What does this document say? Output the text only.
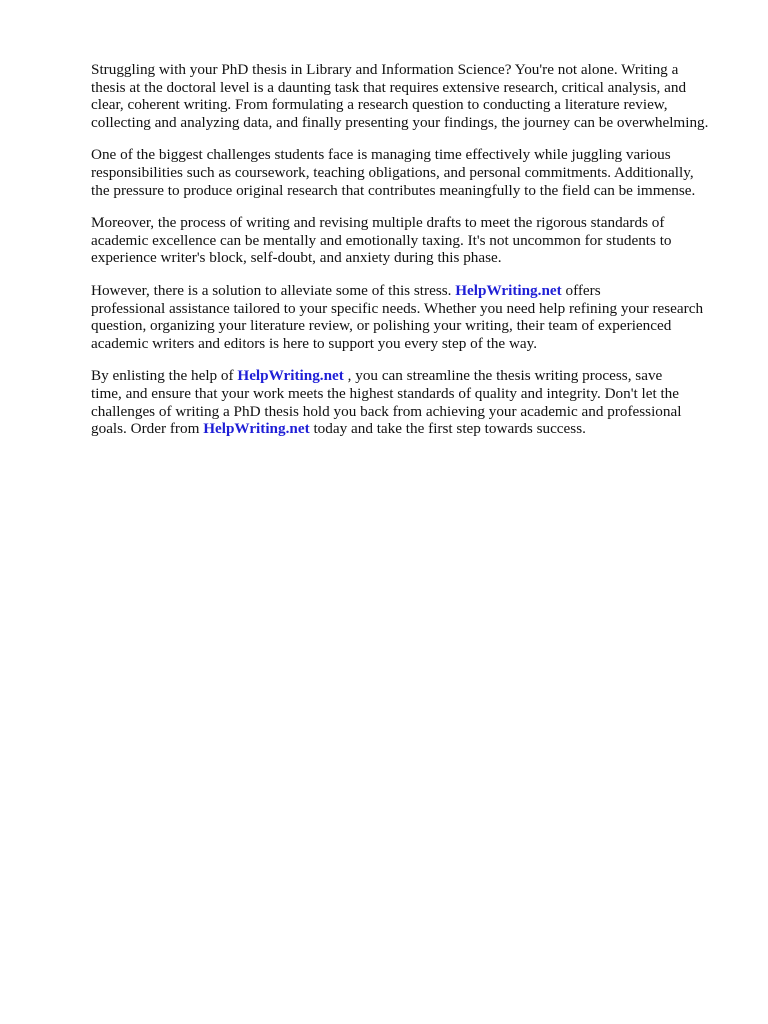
Struggling with your PhD thesis in Library and Information Science? You're not alone. Writing a
thesis at the doctoral level is a daunting task that requires extensive research, critical analysis, and
clear, coherent writing. From formulating a research question to conducting a literature review,
collecting and analyzing data, and finally presenting your findings, the journey can be overwhelming.

One of the biggest challenges students face is managing time effectively while juggling various
responsibilities such as coursework, teaching obligations, and personal commitments. Additionally,
the pressure to produce original research that contributes meaningfully to the field can be immense.

Moreover, the process of writing and revising multiple drafts to meet the rigorous standards of
academic excellence can be mentally and emotionally taxing. It's not uncommon for students to
experience writer's block, self-doubt, and anxiety during this phase.

However, there is a solution to alleviate some of this stress. HelpWriting.net offers
professional assistance tailored to your specific needs. Whether you need help refining your research
question, organizing your literature review, or polishing your writing, their team of experienced
academic writers and editors is here to support you every step of the way.

By enlisting the help of HelpWriting.net , you can streamline the thesis writing process, save
time, and ensure that your work meets the highest standards of quality and integrity. Don't let the
challenges of writing a PhD thesis hold you back from achieving your academic and professional
goals. Order from HelpWriting.net today and take the first step towards success.
